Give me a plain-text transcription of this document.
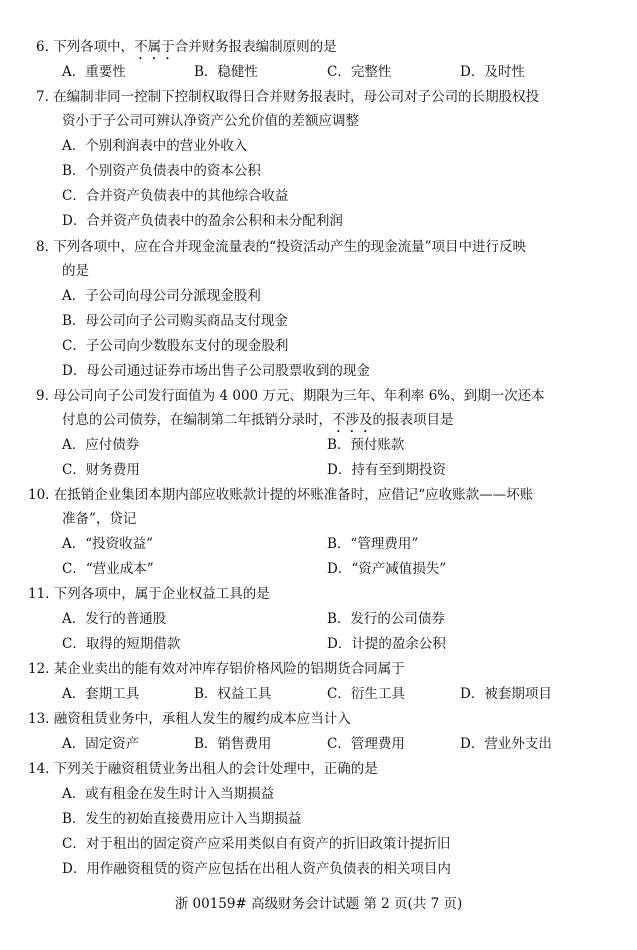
6. 下列各项中，不属于合并财务报表编制原则的是
A．重要性	B．稳健性	C．完整性	D．及时性
7. 在编制非同一控制下控制权取得日合并财务报表时，母公司对子公司的长期股权投
资小于子公司可辨认净资产公允价值的差额应调整
A．个别利润表中的营业外收入
B．个别资产负债表中的资本公积
C．合并资产负债表中的其他综合收益
D．合并资产负债表中的盈余公积和未分配利润
8. 下列各项中，应在合并现金流量表的“投资活动产生的现金流量”项目中进行反映
的是
A．子公司向母公司分派现金股利
B．母公司向子公司购买商品支付现金
C．子公司向少数股东支付的现金股利
D．母公司通过证券市场出售子公司股票收到的现金
9. 母公司向子公司发行面值为 4 000 万元、期限为三年、年利率 6%、到期一次还本
付息的公司债券，在编制第二年抵销分录时，不涉及的报表项目是
A．应付债券	B．预付账款
C．财务费用	D．持有至到期投资
10. 在抵销企业集团本期内部应收账款计提的坏账准备时，应借记“应收账款——坏账
准备”，贷记
A．“投资收益”	B．“管理费用”
C．“营业成本”	D．“资产减值损失”
11. 下列各项中，属于企业权益工具的是
A．发行的普通股	B．发行的公司债券
C．取得的短期借款	D．计提的盈余公积
12. 某企业卖出的能有效对冲库存铝价格风险的铝期货合同属于
A．套期工具	B．权益工具	C．衍生工具	D．被套期项目
13. 融资租赁业务中，承租人发生的履约成本应当计入
A．固定资产	B．销售费用	C．管理费用	D．营业外支出
14. 下列关于融资租赁业务出租人的会计处理中，正确的是
A．或有租金在发生时计入当期损益
B．发生的初始直接费用应计入当期损益
C．对于租出的固定资产应采用类似自有资产的折旧政策计提折旧
D．用作融资租赁的资产应包括在出租人资产负债表的相关项目内
浙 00159# 高级财务会计试题 第 2 页(共 7 页)
